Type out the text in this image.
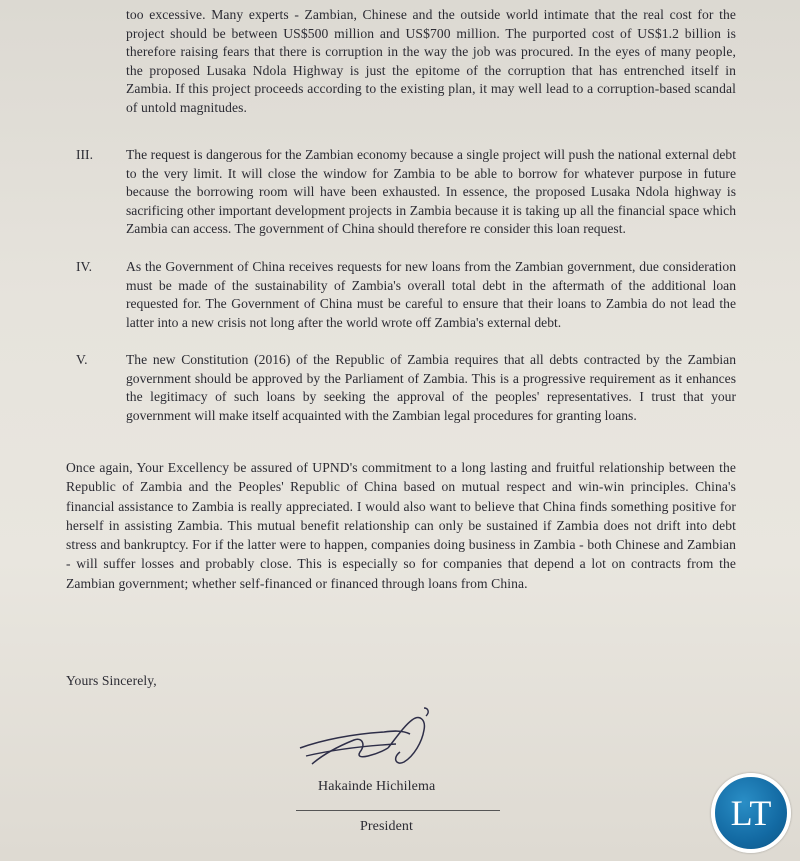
too excessive. Many experts - Zambian, Chinese and the outside world intimate that the real cost for the project should be between US$500 million and US$700 million. The purported cost of US$1.2 billion is therefore raising fears that there is corruption in the way the job was procured. In the eyes of many people, the proposed Lusaka Ndola Highway is just the epitome of the corruption that has entrenched itself in Zambia. If this project proceeds according to the existing plan, it may well lead to a corruption-based scandal of untold magnitudes.
III.	The request is dangerous for the Zambian economy because a single project will push the national external debt to the very limit. It will close the window for Zambia to be able to borrow for whatever purpose in future because the borrowing room will have been exhausted. In essence, the proposed Lusaka Ndola highway is sacrificing other important development projects in Zambia because it is taking up all the financial space which Zambia can access. The government of China should therefore re consider this loan request.
IV.	As the Government of China receives requests for new loans from the Zambian government, due consideration must be made of the sustainability of Zambia's overall total debt in the aftermath of the additional loan requested for. The Government of China must be careful to ensure that their loans to Zambia do not lead the latter into a new crisis not long after the world wrote off Zambia's external debt.
V.	The new Constitution (2016) of the Republic of Zambia requires that all debts contracted by the Zambian government should be approved by the Parliament of Zambia. This is a progressive requirement as it enhances the legitimacy of such loans by seeking the approval of the peoples' representatives. I trust that your government will make itself acquainted with the Zambian legal procedures for granting loans.
Once again, Your Excellency be assured of UPND's commitment to a long lasting and fruitful relationship between the Republic of Zambia and the Peoples' Republic of China based on mutual respect and win-win principles. China's financial assistance to Zambia is really appreciated. I would also want to believe that China finds something positive for herself in assisting Zambia. This mutual benefit relationship can only be sustained if Zambia does not drift into debt stress and bankruptcy. For if the latter were to happen, companies doing business in Zambia - both Chinese and Zambian - will suffer losses and probably close. This is especially so for companies that depend a lot on contracts from the Zambian government; whether self-financed or financed through loans from China.
Yours Sincerely,
Hakainde Hichilema
President	LT
